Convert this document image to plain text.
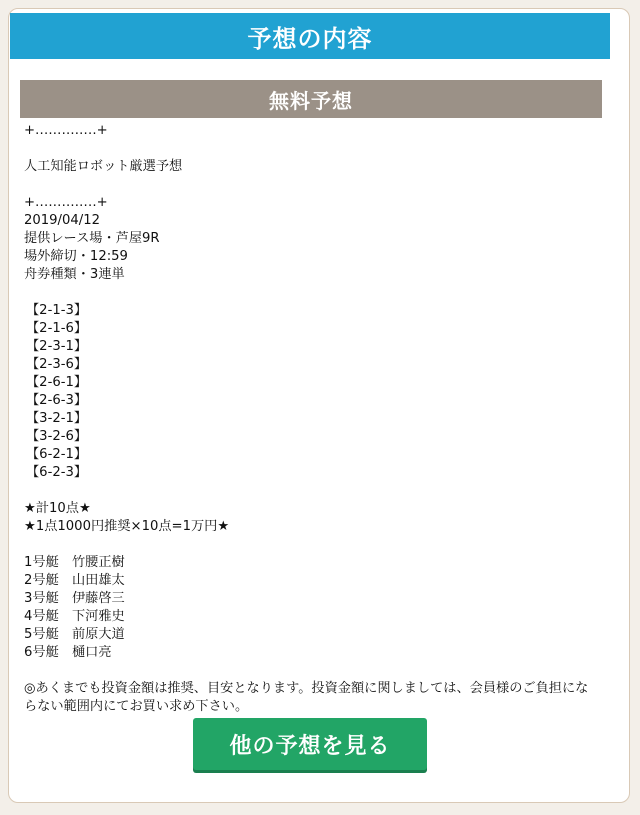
予想の内容
無料予想
+‥‥‥‥‥‥‥+
人工知能ロボット厳選予想
+‥‥‥‥‥‥‥+
2019/04/12
提供レース場・芦屋9R
場外締切・12:59
舟券種類・3連単
【2-1-3】
【2-1-6】
【2-3-1】
【2-3-6】
【2-6-1】
【2-6-3】
【3-2-1】
【3-2-6】
【6-2-1】
【6-2-3】
★計10点★
★1点1000円推奨×10点=1万円★
1号艇　竹腰正樹
2号艇　山田雄太
3号艇　伊藤啓三
4号艇　下河雅史
5号艇　前原大道
6号艇　樋口亮
◎あくまでも投資金額は推奨、目安となります。投資金額に関しましては、会員様のご負担にならない範囲内にてお買い求め下さい。
他の予想を見る
